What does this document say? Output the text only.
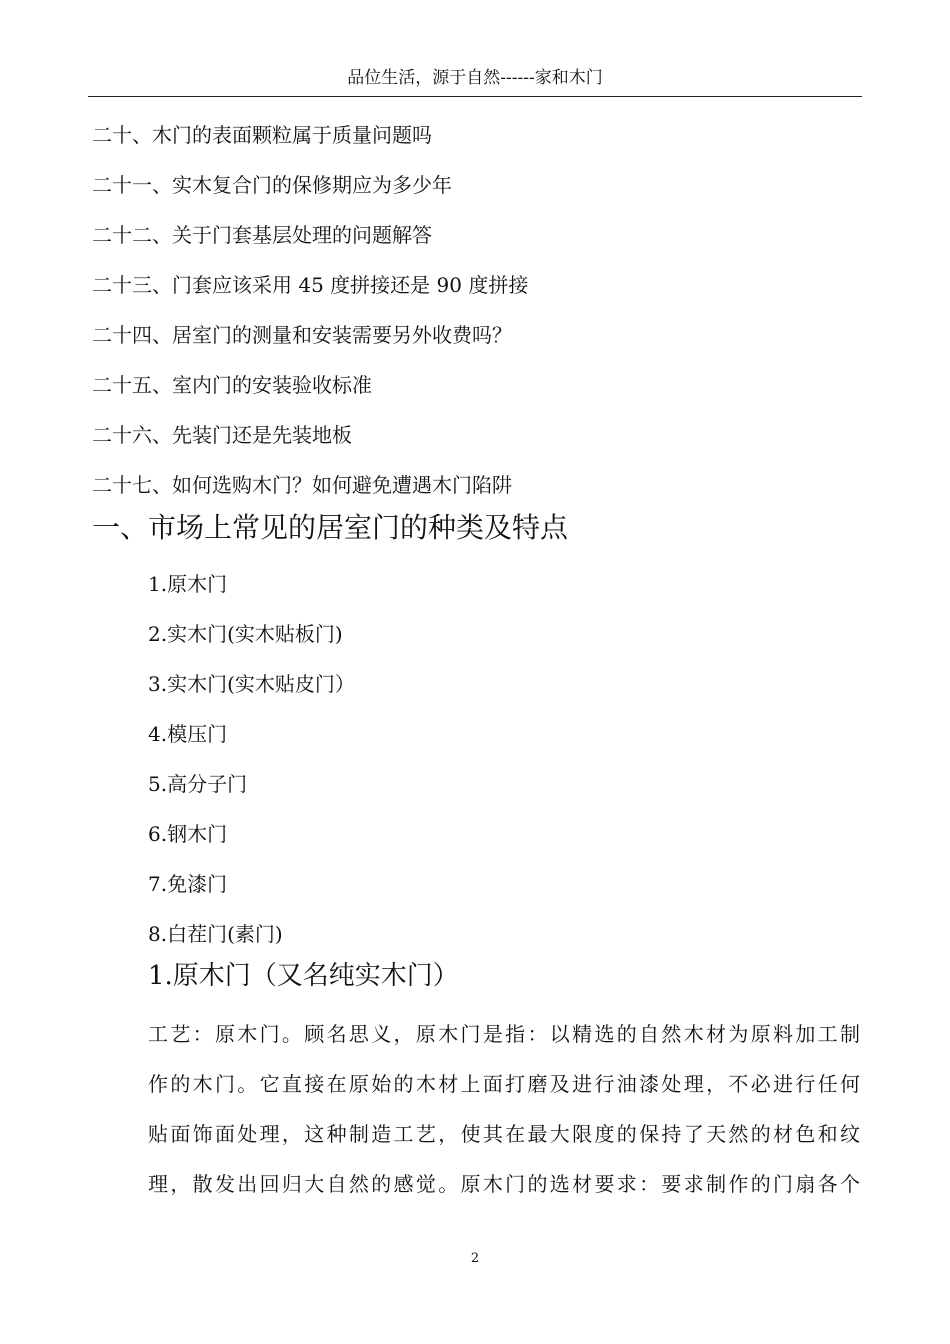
品位生活，源于自然------家和木门
二十、木门的表面颗粒属于质量问题吗
二十一、实木复合门的保修期应为多少年
二十二、关于门套基层处理的问题解答
二十三、门套应该采用 45 度拼接还是 90 度拼接
二十四、居室门的测量和安装需要另外收费吗？
二十五、室内门的安装验收标准
二十六、先装门还是先装地板
二十七、如何选购木门？如何避免遭遇木门陷阱
一、市场上常见的居室门的种类及特点
1.原木门
2.实木门(实木贴板门)
3.实木门(实木贴皮门）
4.模压门
5.高分子门
6.钢木门
7.免漆门
8.白茬门(素门)
1.原木门（又名纯实木门）
工艺：原木门。顾名思义，原木门是指：以精选的自然木材为原料加工制
作的木门。它直接在原始的木材上面打磨及进行油漆处理，不必进行任何
贴面饰面处理，这种制造工艺，使其在最大限度的保持了天然的材色和纹
理，散发出回归大自然的感觉。原木门的选材要求：要求制作的门扇各个
2
